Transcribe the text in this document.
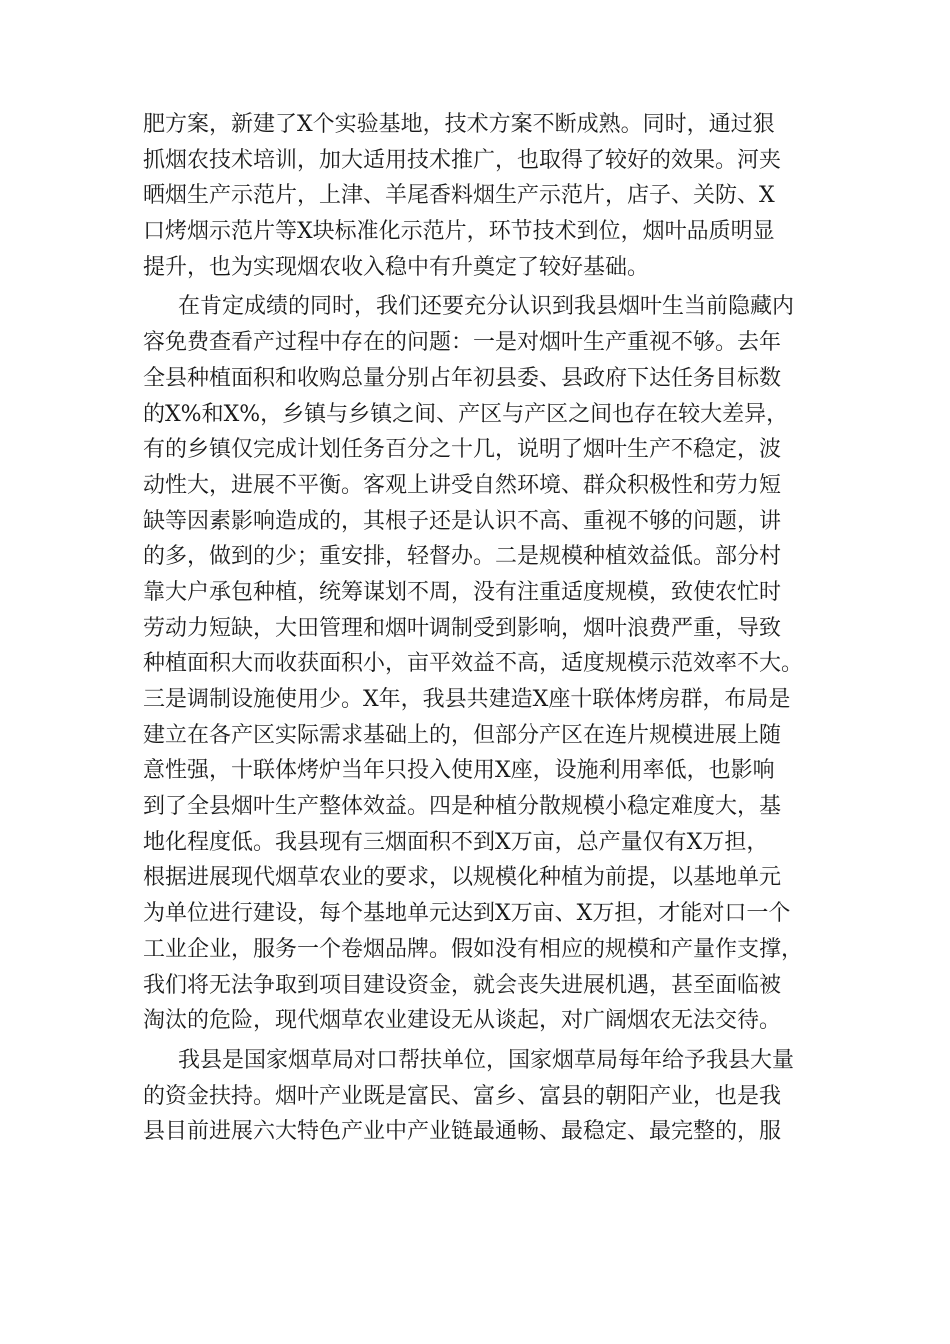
肥方案，新建了X个实验基地，技术方案不断成熟。同时，通过狠
抓烟农技术培训，加大适用技术推广，也取得了较好的效果。河夹
晒烟生产示范片，上津、羊尾香料烟生产示范片，店子、关防、X
口烤烟示范片等X块标准化示范片，环节技术到位，烟叶品质明显
提升，也为实现烟农收入稳中有升奠定了较好基础。
在肯定成绩的同时，我们还要充分认识到我县烟叶生当前隐藏内
容免费查看产过程中存在的问题：一是对烟叶生产重视不够。去年
全县种植面积和收购总量分别占年初县委、县政府下达任务目标数
的X%和X%，乡镇与乡镇之间、产区与产区之间也存在较大差异，
有的乡镇仅完成计划任务百分之十几，说明了烟叶生产不稳定，波
动性大，进展不平衡。客观上讲受自然环境、群众积极性和劳力短
缺等因素影响造成的，其根子还是认识不高、重视不够的问题，讲
的多，做到的少；重安排，轻督办。二是规模种植效益低。部分村
靠大户承包种植，统筹谋划不周，没有注重适度规模，致使农忙时
劳动力短缺，大田管理和烟叶调制受到影响，烟叶浪费严重，导致
种植面积大而收获面积小，亩平效益不高，适度规模示范效率不大。
三是调制设施使用少。X年，我县共建造X座十联体烤房群，布局是
建立在各产区实际需求基础上的，但部分产区在连片规模进展上随
意性强，十联体烤炉当年只投入使用X座，设施利用率低，也影响
到了全县烟叶生产整体效益。四是种植分散规模小稳定难度大，基
地化程度低。我县现有三烟面积不到X万亩，总产量仅有X万担，
根据进展现代烟草农业的要求，以规模化种植为前提，以基地单元
为单位进行建设，每个基地单元达到X万亩、X万担，才能对口一个
工业企业，服务一个卷烟品牌。假如没有相应的规模和产量作支撑，
我们将无法争取到项目建设资金，就会丧失进展机遇，甚至面临被
淘汰的危险，现代烟草农业建设无从谈起，对广阔烟农无法交待。
我县是国家烟草局对口帮扶单位，国家烟草局每年给予我县大量
的资金扶持。烟叶产业既是富民、富乡、富县的朝阳产业，也是我
县目前进展六大特色产业中产业链最通畅、最稳定、最完整的，服
